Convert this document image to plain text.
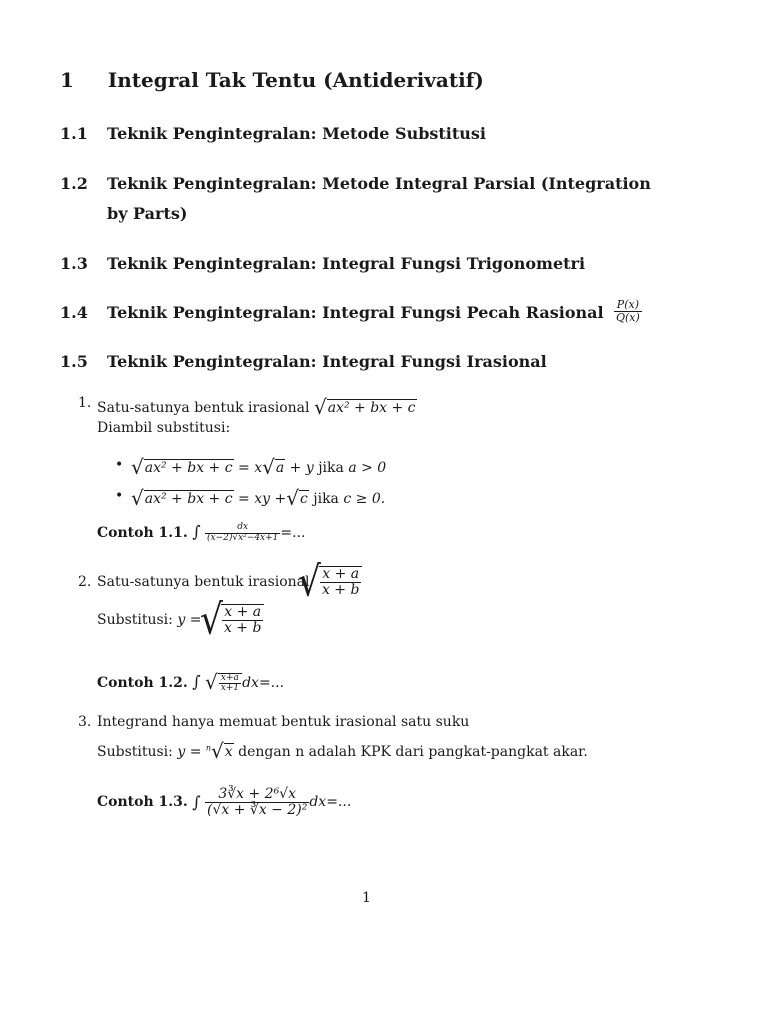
1 Integral Tak Tentu (Antiderivatif)
1.1 Teknik Pengintegralan: Metode Substitusi
1.2 Teknik Pengintegralan: Metode Integral Parsial (Integration
by Parts)
1.3 Teknik Pengintegralan: Integral Fungsi Trigonometri
1.4 Teknik Pengintegralan: Integral Fungsi Pecah Rasional $\frac{P(x)}{Q(x)}$
1.5 Teknik Pengintegralan: Integral Fungsi Irasional
1. Satu-satunya bentuk irasional √ax² + bx + c
Diambil substitusi:
• √ax² + bx + c = x√a + y jika a > 0
• √ax² + bx + c = xy +√c jika c ≥ 0.
Contoh 1.1. ∫ $\frac{dx}{\text{(x−2)√x²−4x+1}}$ =...
2. Satu-satunya bentuk irasional
√
$\frac{x + a}{x + b}$
Substitusi: y =
√
$\frac{x + a}{x + b}$
Contoh 1.2. ∫ √ $\frac{x+a}{x+1} dx=$...
3. Integrand hanya memuat bentuk irasional satu suku
Substitusi: y = $^n$√x dengan n adalah KPK dari pangkat-pangkat akar.
Contoh 1.3. ∫ $\frac{\text{3∛x + 2⁶√x}}{\text{(√x + ∛x − 2)²}} dx=$...
1
